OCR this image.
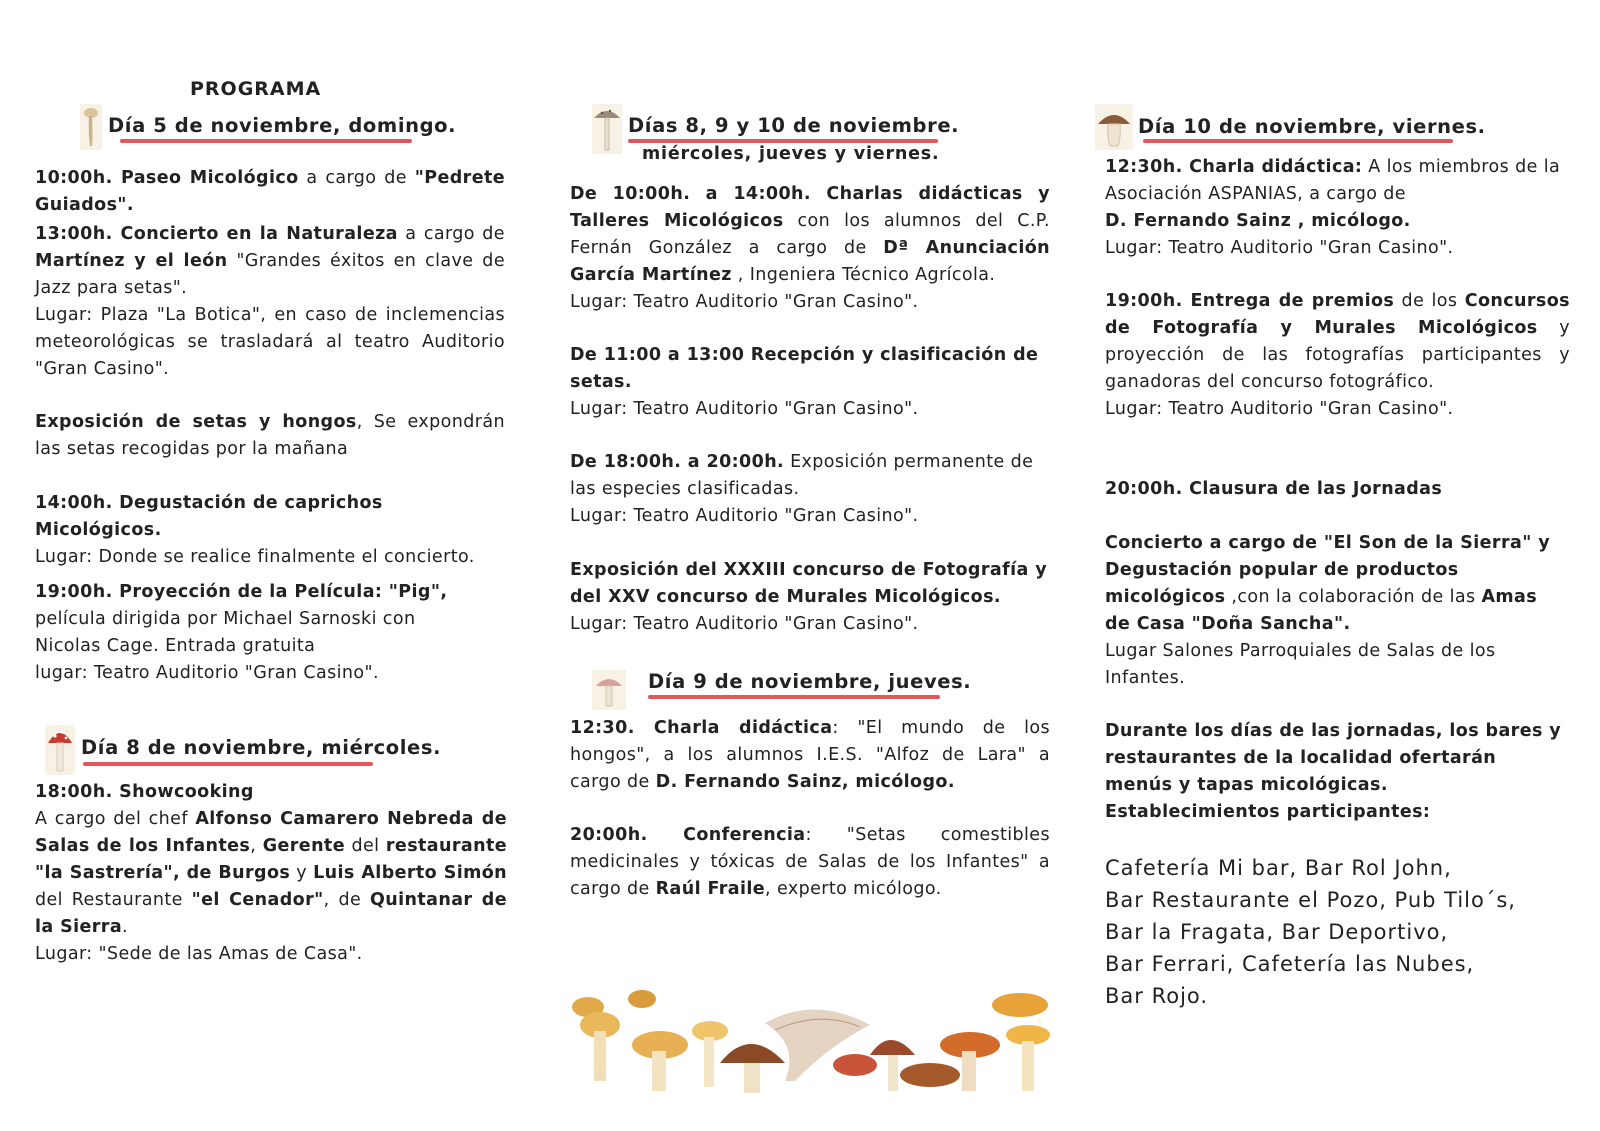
PROGRAMA
Día 5 de noviembre, domingo.

10:00h. Paseo Micológico a cargo de "Pedrete Guiados".

13:00h. Concierto en la Naturaleza a cargo de Martínez y el león "Grandes éxitos en clave de Jazz para setas".

Lugar: Plaza "La Botica", en caso de inclemencias meteorológicas se trasladará al teatro Auditorio "Gran Casino".

Exposición de setas y hongos, Se expondrán las setas recogidas por la mañana

14:00h. Degustación de caprichos Micológicos.

Lugar: Donde se realice finalmente el concierto.

19:00h. Proyección de la Película: "Pig",

película dirigida por Michael Sarnoski con Nicolas Cage. Entrada gratuita

lugar: Teatro Auditorio "Gran Casino".

Día 8 de noviembre, miércoles.

18:00h. Showcooking

A cargo del chef Alfonso Camarero Nebreda de Salas de los Infantes, Gerente del restaurante "la Sastrería", de Burgos y Luis Alberto Simón del Restaurante "el Cenador", de Quintanar de la Sierra.

Lugar: "Sede de las Amas de Casa".

Días 8, 9 y 10 de noviembre.
miércoles, jueves y viernes.

De 10:00h. a 14:00h. Charlas didácticas y Talleres Micológicos con los alumnos del C.P. Fernán González a cargo de Dª Anunciación García Martínez , Ingeniera Técnico Agrícola.

Lugar: Teatro Auditorio "Gran Casino".

De 11:00 a 13:00 Recepción y clasificación de setas.

Lugar: Teatro Auditorio "Gran Casino".

De 18:00h. a 20:00h. Exposición permanente de las especies clasificadas.

Lugar: Teatro Auditorio "Gran Casino".

Exposición del XXXIII concurso de Fotografía y del XXV concurso de Murales Micológicos.

Lugar: Teatro Auditorio "Gran Casino".

Día 9 de noviembre, jueves.

12:30. Charla didáctica: "El mundo de los hongos", a los alumnos I.E.S. "Alfoz de Lara" a cargo de D. Fernando Sainz, micólogo.

20:00h. Conferencia: "Setas comestibles medicinales y tóxicas de Salas de los Infantes" a cargo de Raúl Fraile, experto micólogo.

Día 10 de noviembre, viernes.

12:30h. Charla didáctica: A los miembros de la Asociación ASPANIAS, a cargo de

D. Fernando Sainz , micólogo.

Lugar: Teatro Auditorio "Gran Casino".

19:00h. Entrega de premios de los Concursos de Fotografía y Murales Micológicos y proyección de las fotografías participantes y ganadoras del concurso fotográfico.

Lugar: Teatro Auditorio "Gran Casino".

20:00h. Clausura de las Jornadas

Concierto a cargo de "El Son de la Sierra" y Degustación popular de productos micológicos ,con la colaboración de las Amas de Casa "Doña Sancha".

Lugar Salones Parroquiales de Salas de los Infantes.

Durante los días de las jornadas, los bares y restaurantes de la localidad ofertarán menús y tapas micológicas.

Establecimientos participantes:

Cafetería Mi bar, Bar Rol John,

Bar Restaurante el Pozo, Pub Tilo´s,

Bar la Fragata, Bar Deportivo,

Bar Ferrari, Cafetería las Nubes,

Bar Rojo.
